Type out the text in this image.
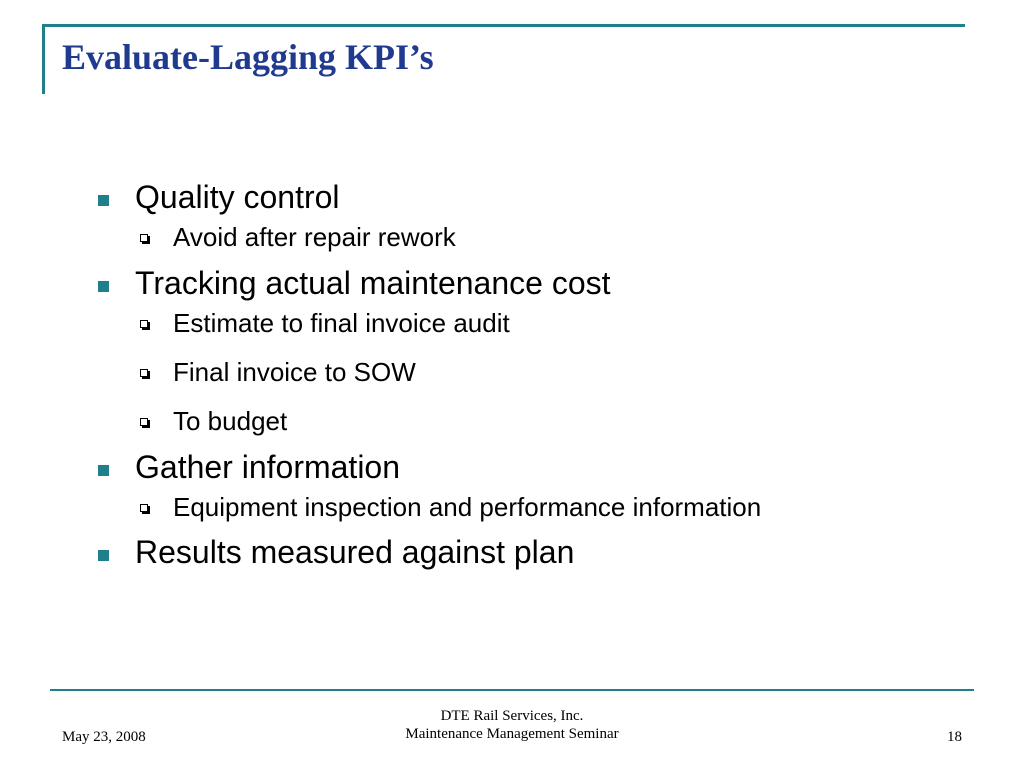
Evaluate-Lagging KPI’s
Quality control
Avoid after repair rework
Tracking actual maintenance cost
Estimate to final invoice audit
Final invoice to SOW
To budget
Gather information
Equipment inspection and performance information
Results measured against plan
May 23, 2008
DTE Rail Services, Inc.
Maintenance Management Seminar	18
